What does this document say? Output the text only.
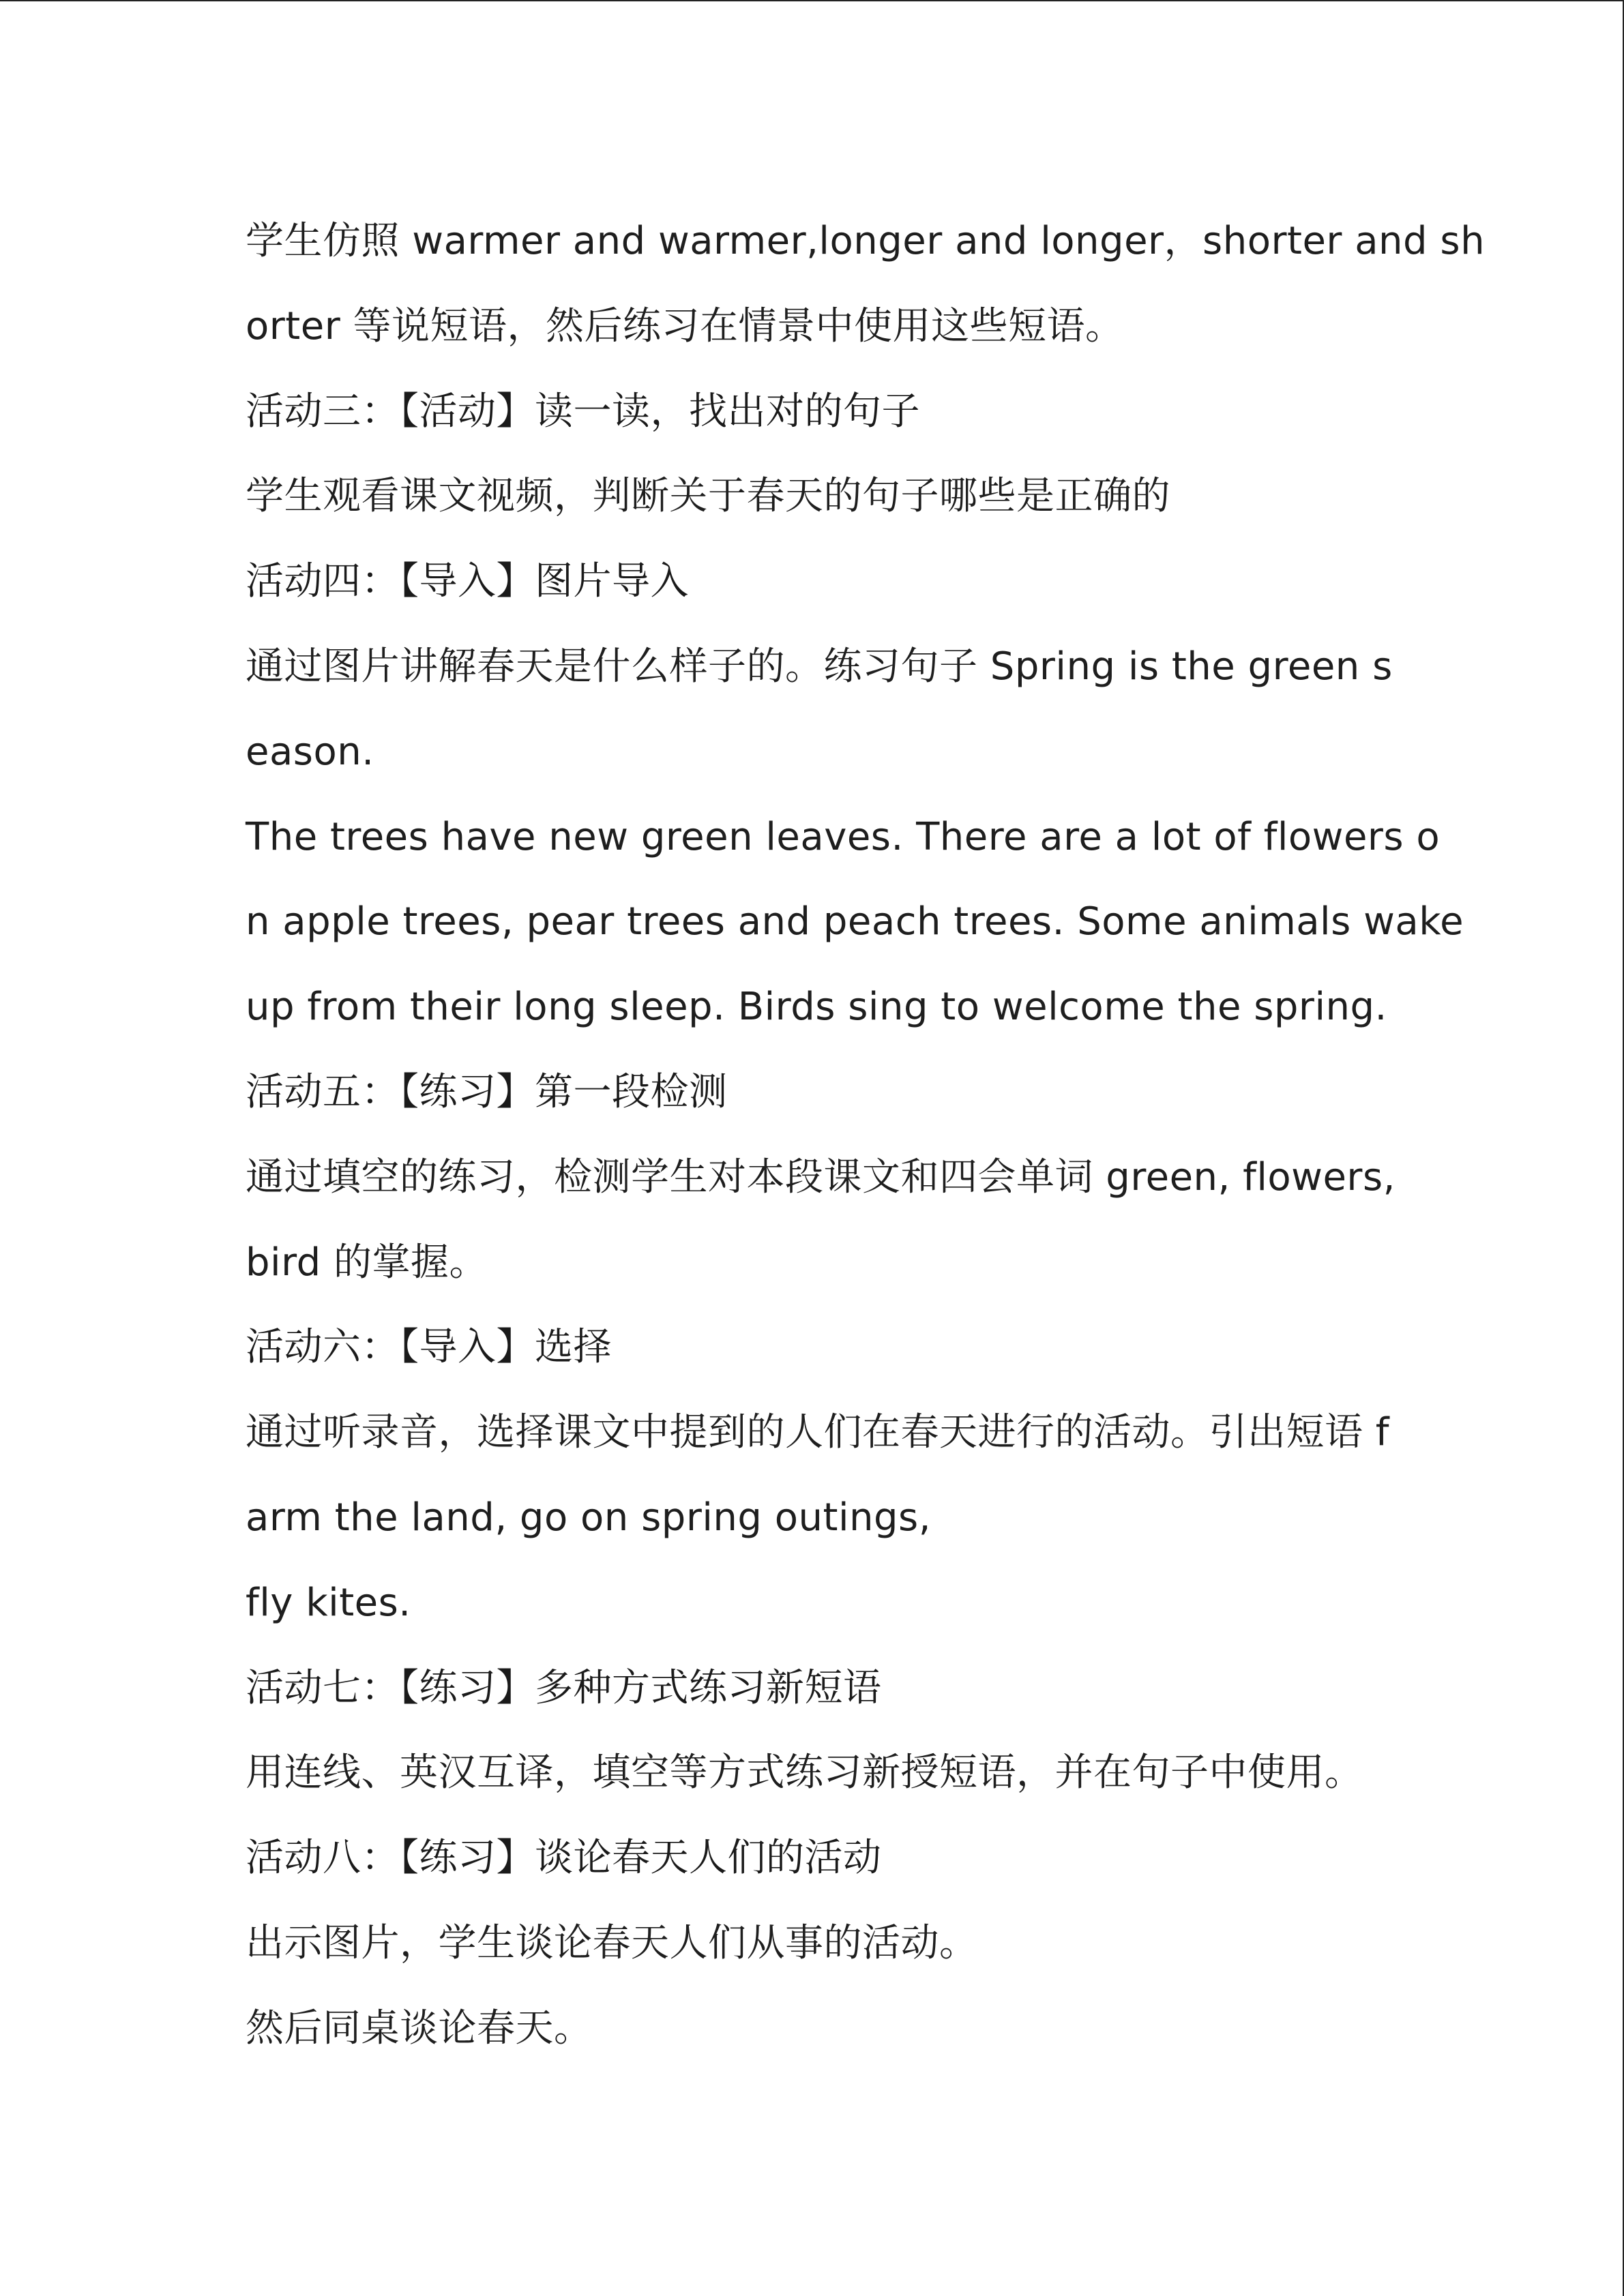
学生仿照 warmer and warmer,longer and longer，shorter and sh
orter 等说短语，然后练习在情景中使用这些短语。
活动三：【活动】读一读，找出对的句子
学生观看课文视频，判断关于春天的句子哪些是正确的
活动四：【导入】图片导入
通过图片讲解春天是什么样子的。练习句子 Spring is the green s
eason.
The trees have new green leaves. There are a lot of flowers o
n apple trees, pear trees and peach trees. Some animals wake
up from their long sleep. Birds sing to welcome the spring.
活动五：【练习】第一段检测
通过填空的练习，检测学生对本段课文和四会单词 green, flowers,
bird 的掌握。
活动六：【导入】选择
通过听录音，选择课文中提到的人们在春天进行的活动。引出短语 f
arm the land, go on spring outings,
fly kites.
活动七：【练习】多种方式练习新短语
用连线、英汉互译，填空等方式练习新授短语，并在句子中使用。
活动八：【练习】谈论春天人们的活动
出示图片，学生谈论春天人们从事的活动。
然后同桌谈论春天。
